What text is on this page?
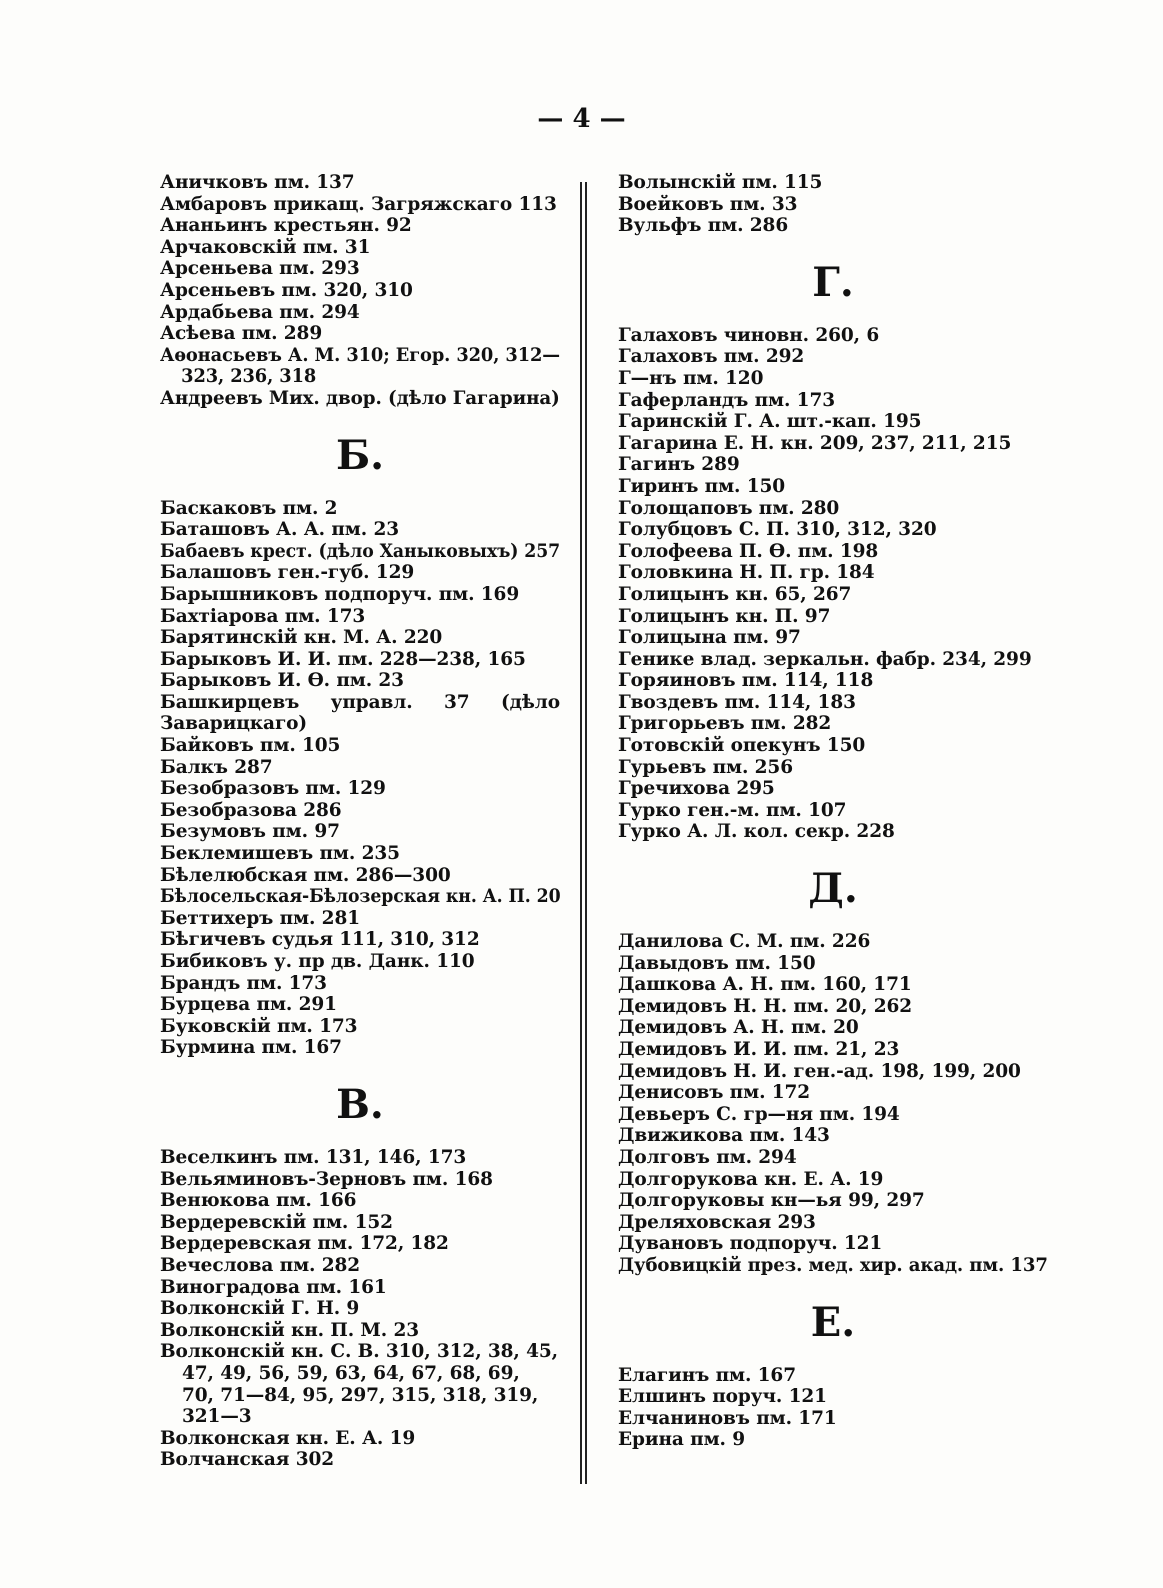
— 4 —
Аничковъ пм. 137
Амбаровъ прикащ. Загряжскаго 113
Ананьинъ крестьян. 92
Арчаковскій пм. 31
Арсеньева пм. 293
Арсеньевъ пм. 320, 310
Ардабьева пм. 294
Асѣева пм. 289
Аѳонасьевъ А. М. 310; Егор. 320, 312—
323, 236, 318
Андреевъ Мих. двор. (дѣло Гагарина)
Б.
Баскаковъ пм. 2
Баташовъ А. А. пм. 23
Бабаевъ крест. (дѣло Ханыковыхъ) 257
Балашовъ ген.-губ. 129
Барышниковъ подпоруч. пм. 169
Бахтіарова пм. 173
Барятинскій кн. М. А. 220
Барыковъ И. И. пм. 228—238, 165
Барыковъ И. Ѳ. пм. 23
Башкирцевъ управл. 37 (дѣло Заварицкаго)
Байковъ пм. 105
Балкъ 287
Безобразовъ пм. 129
Безобразова 286
Безумовъ пм. 97
Беклемишевъ пм. 235
Бѣлелюбская пм. 286—300
Бѣлосельская-Бѣлозерская кн. А. П. 20
Беттихеръ пм. 281
Бѣгичевъ судья 111, 310, 312
Бибиковъ у. пр дв. Данк. 110
Брандъ пм. 173
Бурцева пм. 291
Буковскій пм. 173
Бурмина пм. 167
В.
Веселкинъ пм. 131, 146, 173
Вельяминовъ-Зерновъ пм. 168
Венюкова пм. 166
Вердеревскій пм. 152
Вердеревская пм. 172, 182
Вечеслова пм. 282
Виноградова пм. 161
Волконскій Г. Н. 9
Волконскій кн. П. М. 23
Волконскій кн. С. В. 310, 312, 38, 45,
47, 49, 56, 59, 63, 64, 67, 68, 69,
70, 71—84, 95, 297, 315, 318, 319,
321—3
Волконская кн. Е. А. 19
Волчанская 302
Волынскій пм. 115
Воейковъ пм. 33
Вульфъ пм. 286
Г.
Галаховъ чиновн. 260, 6
Галаховъ пм. 292
Г—нъ пм. 120
Гаферландъ пм. 173
Гаринскій Г. А. шт.-кап. 195
Гагарина Е. Н. кн. 209, 237, 211, 215
Гагинъ 289
Гиринъ пм. 150
Голощаповъ пм. 280
Голубцовъ С. П. 310, 312, 320
Голофеева П. Ѳ. пм. 198
Головкина Н. П. гр. 184
Голицынъ кн. 65, 267
Голицынъ кн. П. 97
Голицына пм. 97
Генике влад. зеркальн. фабр. 234, 299
Горяиновъ пм. 114, 118
Гвоздевъ пм. 114, 183
Григорьевъ пм. 282
Готовскій опекунъ 150
Гурьевъ пм. 256
Гречихова 295
Гурко ген.-м. пм. 107
Гурко А. Л. кол. секр. 228
Д.
Данилова С. М. пм. 226
Давыдовъ пм. 150
Дашкова А. Н. пм. 160, 171
Демидовъ Н. Н. пм. 20, 262
Демидовъ А. Н. пм. 20
Демидовъ И. И. пм. 21, 23
Демидовъ Н. И. ген.-ад. 198, 199, 200
Денисовъ пм. 172
Девьеръ С. гр—ня пм. 194
Движикова пм. 143
Долговъ пм. 294
Долгорукова кн. Е. А. 19
Долгоруковы кн—ья 99, 297
Дреляховская 293
Дувановъ подпоруч. 121
Дубовицкій през. мед. хир. акад. пм. 137
Е.
Елагинъ пм. 167
Елшинъ поруч. 121
Елчаниновъ пм. 171
Ерина пм. 9
